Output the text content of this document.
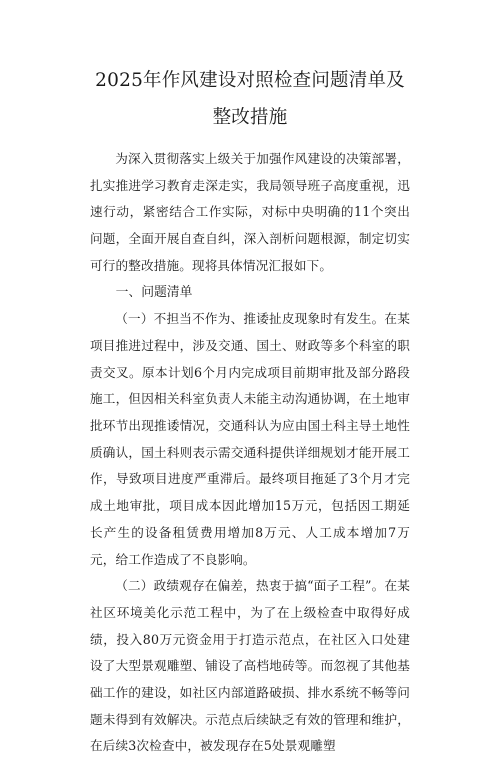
2025年作风建设对照检查问题清单及整改措施

为深入贯彻落实上级关于加强作风建设的决策部署，扎实推进学习教育走深走实，我局领导班子高度重视，迅速行动，紧密结合工作实际，对标中央明确的11个突出问题，全面开展自查自纠，深入剖析问题根源，制定切实可行的整改措施。现将具体情况汇报如下。

一、问题清单

（一）不担当不作为、推诿扯皮现象时有发生。在某项目推进过程中，涉及交通、国土、财政等多个科室的职责交叉。原本计划6个月内完成项目前期审批及部分路段施工，但因相关科室负责人未能主动沟通协调，在土地审批环节出现推诿情况，交通科认为应由国土科主导土地性质确认，国土科则表示需交通科提供详细规划才能开展工作，导致项目进度严重滞后。最终项目拖延了3个月才完成土地审批，项目成本因此增加15万元，包括因工期延长产生的设备租赁费用增加8万元、人工成本增加7万元，给工作造成了不良影响。

（二）政绩观存在偏差，热衷于搞“面子工程”。在某社区环境美化示范工程中，为了在上级检查中取得好成绩，投入80万元资金用于打造示范点，在社区入口处建设了大型景观雕塑、铺设了高档地砖等。而忽视了其他基础工作的建设，如社区内部道路破损、排水系统不畅等问题未得到有效解决。示范点后续缺乏有效的管理和维护，在后续3次检查中，被发现存在5处景观雕塑
